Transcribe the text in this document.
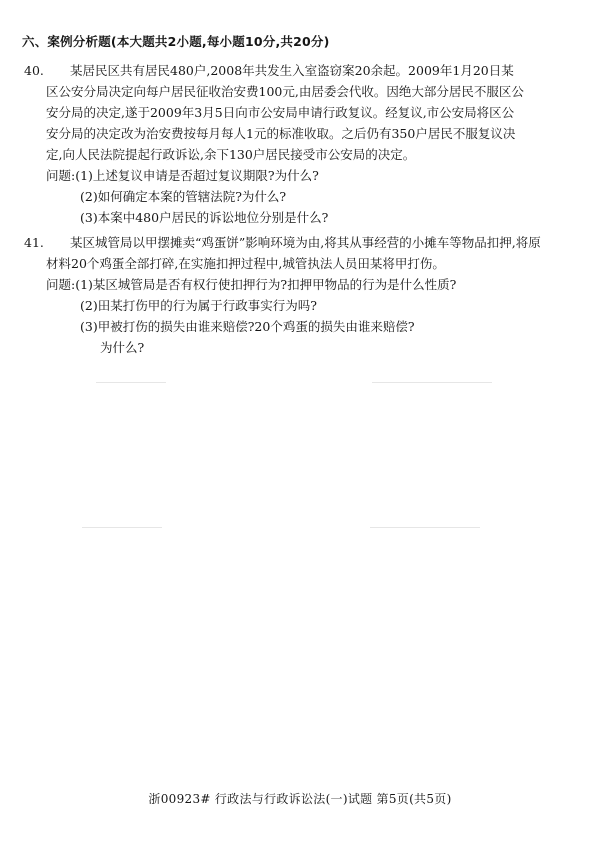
六、案例分析题(本大题共2小题,每小题10分,共20分)
40. 某居民区共有居民480户,2008年共发生入室盗窃案20余起。2009年1月20日某
区公安分局决定向每户居民征收治安费100元,由居委会代收。因绝大部分居民不服区公
安分局的决定,遂于2009年3月5日向市公安局申请行政复议。经复议,市公安局将区公
安分局的决定改为治安费按每月每人1元的标准收取。之后仍有350户居民不服复议决
定,向人民法院提起行政诉讼,余下130户居民接受市公安局的决定。
问题:(1)上述复议申请是否超过复议期限?为什么?
(2)如何确定本案的管辖法院?为什么?
(3)本案中480户居民的诉讼地位分别是什么?
41. 某区城管局以甲摆摊卖“鸡蛋饼”影响环境为由,将其从事经营的小摊车等物品扣押,将原
材料20个鸡蛋全部打碎,在实施扣押过程中,城管执法人员田某将甲打伤。
问题:(1)某区城管局是否有权行使扣押行为?扣押甲物品的行为是什么性质?
(2)田某打伤甲的行为属于行政事实行为吗?
(3)甲被打伤的损失由谁来赔偿?20个鸡蛋的损失由谁来赔偿?
为什么?
浙00923# 行政法与行政诉讼法(一)试题 第5页(共5页)
